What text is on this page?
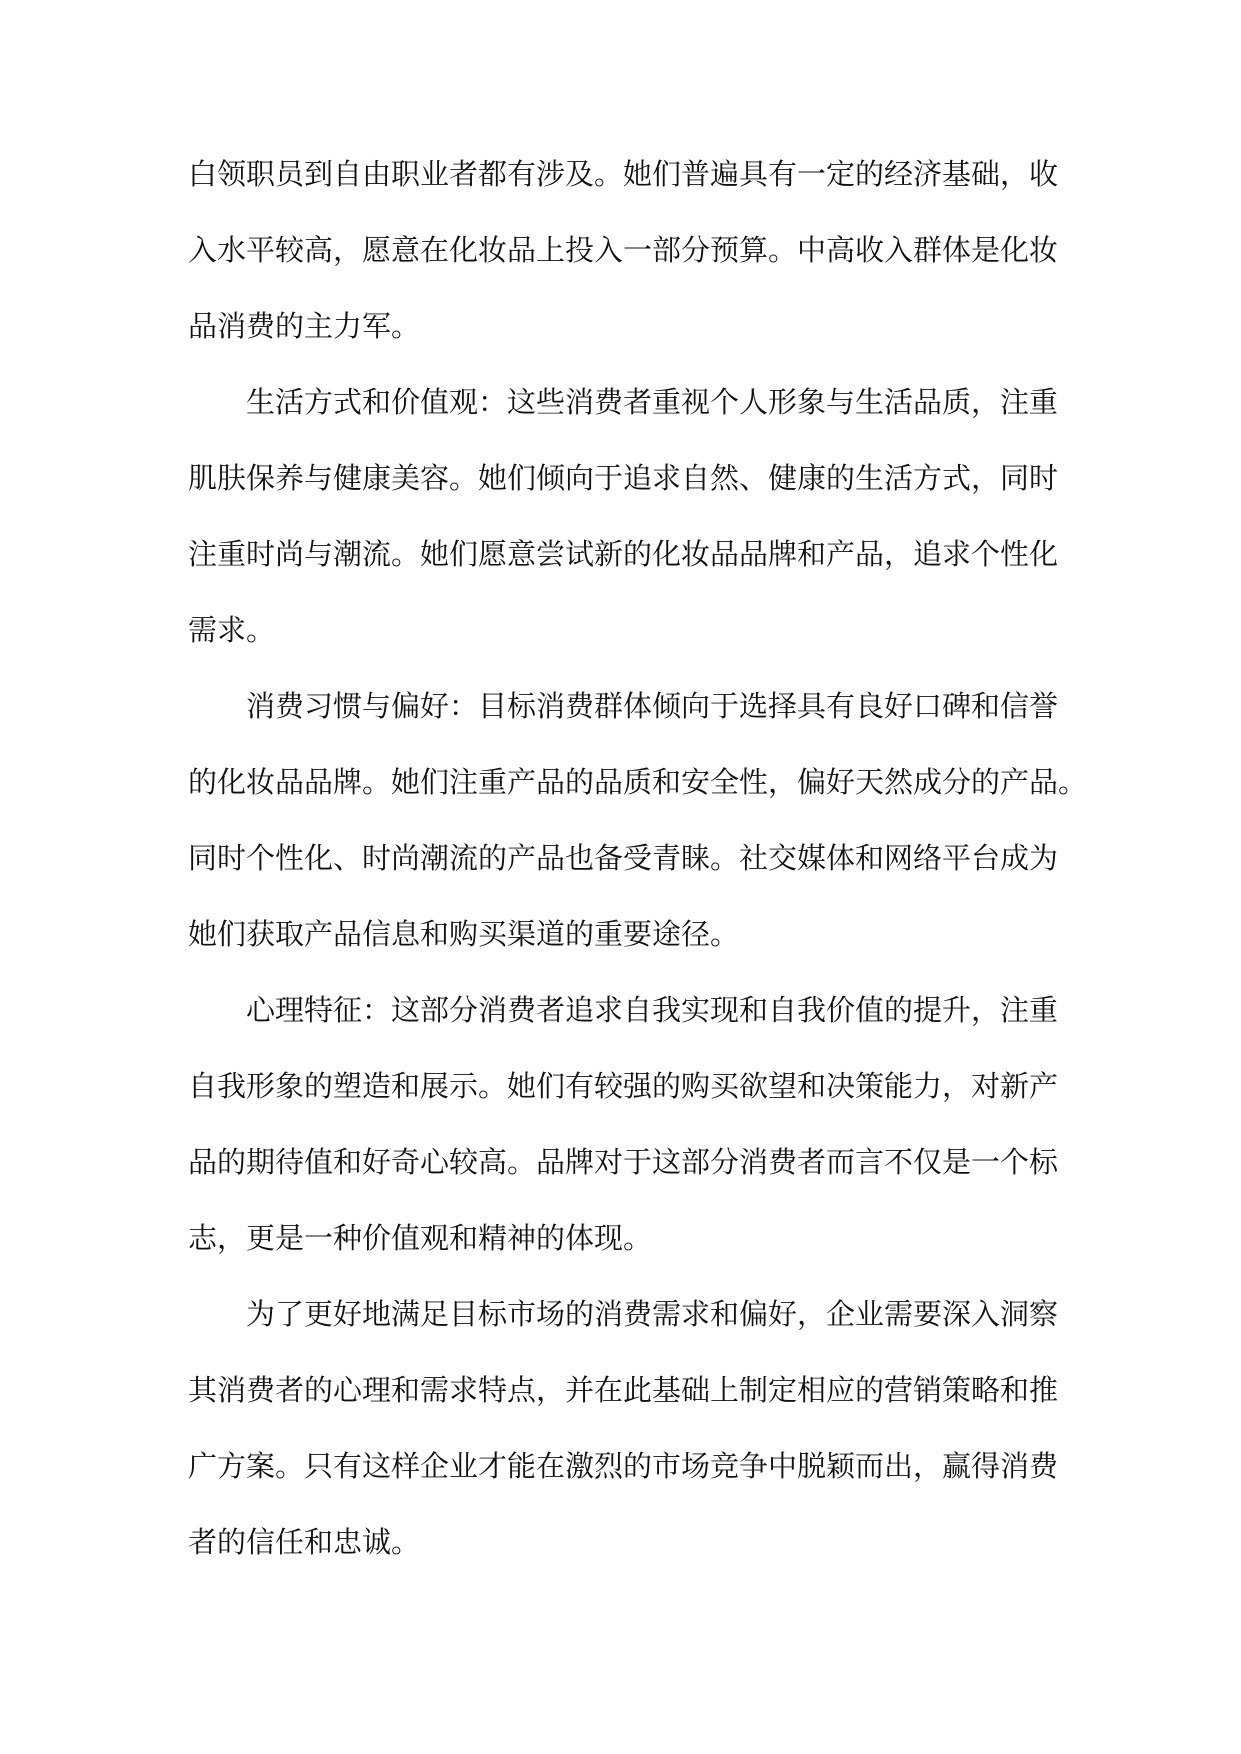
白领职员到自由职业者都有涉及。她们普遍具有一定的经济基础，收
入水平较高，愿意在化妆品上投入一部分预算。中高收入群体是化妆
品消费的主力军。
生活方式和价值观：这些消费者重视个人形象与生活品质，注重
肌肤保养与健康美容。她们倾向于追求自然、健康的生活方式，同时
注重时尚与潮流。她们愿意尝试新的化妆品品牌和产品，追求个性化
需求。
消费习惯与偏好：目标消费群体倾向于选择具有良好口碑和信誉
的化妆品品牌。她们注重产品的品质和安全性，偏好天然成分的产品。
同时个性化、时尚潮流的产品也备受青睐。社交媒体和网络平台成为
她们获取产品信息和购买渠道的重要途径。
心理特征：这部分消费者追求自我实现和自我价值的提升，注重
自我形象的塑造和展示。她们有较强的购买欲望和决策能力，对新产
品的期待值和好奇心较高。品牌对于这部分消费者而言不仅是一个标
志，更是一种价值观和精神的体现。
为了更好地满足目标市场的消费需求和偏好，企业需要深入洞察
其消费者的心理和需求特点，并在此基础上制定相应的营销策略和推
广方案。只有这样企业才能在激烈的市场竞争中脱颖而出，赢得消费
者的信任和忠诚。
